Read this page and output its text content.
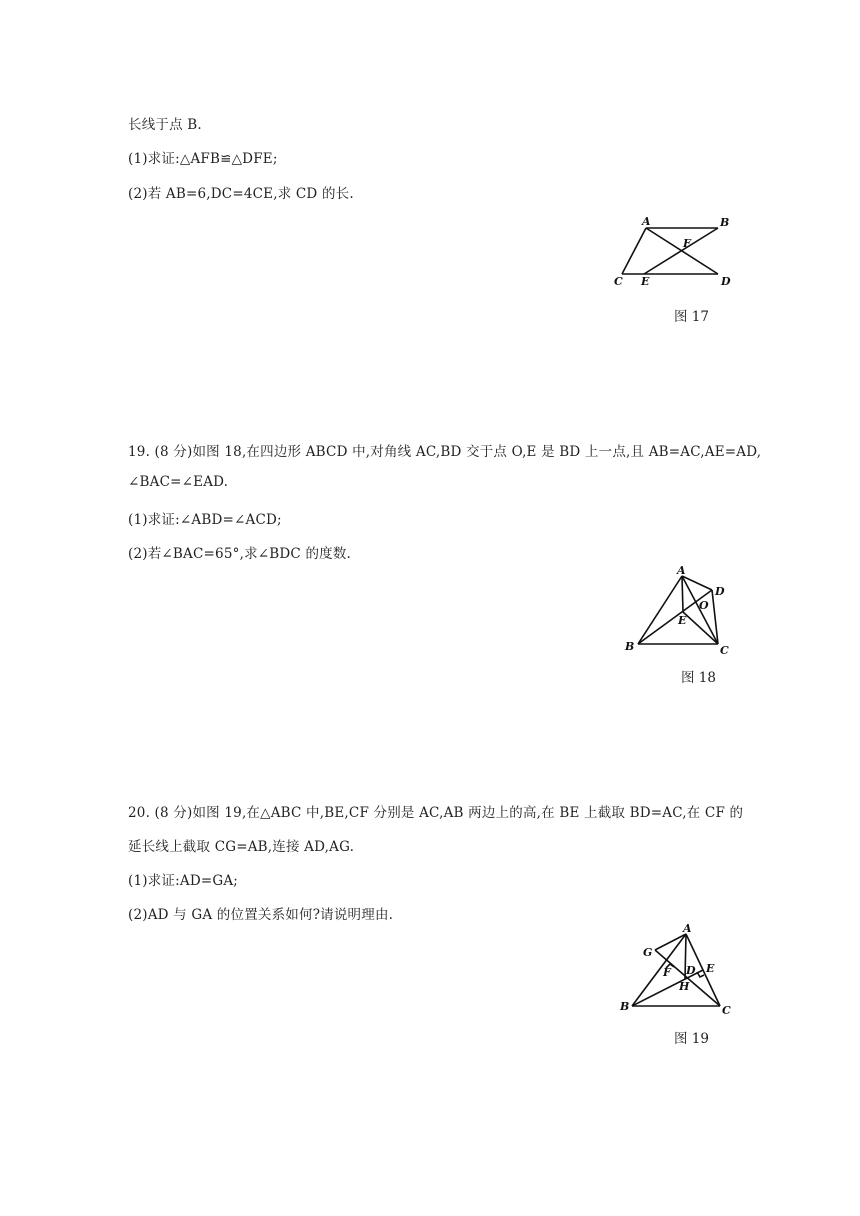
长线于点 B.
(1)求证:△AFB≌△DFE;
(2)若 AB=6,DC=4CE,求 CD 的长.
A	B
C	D
E
F
图 17
19. (8 分)如图 18,在四边形 ABCD 中,对角线 AC,BD 交于点 O,E 是 BD 上一点,且 AB=AC,AE=AD,
∠BAC=∠EAD.
(1)求证:∠ABD=∠ACD;
(2)若∠BAC=65°,求∠BDC 的度数.
A
B	C
D
E
O
图 18
20. (8 分)如图 19,在△ABC 中,BE,CF 分别是 AC,AB 两边上的高,在 BE 上截取 BD=AC,在 CF 的
延长线上截取 CG=AB,连接 AD,AG.
(1)求证:AD=GA;
(2)AD 与 GA 的位置关系如何?请说明理由.
A
B	C
D E
F
G
H
图 19
